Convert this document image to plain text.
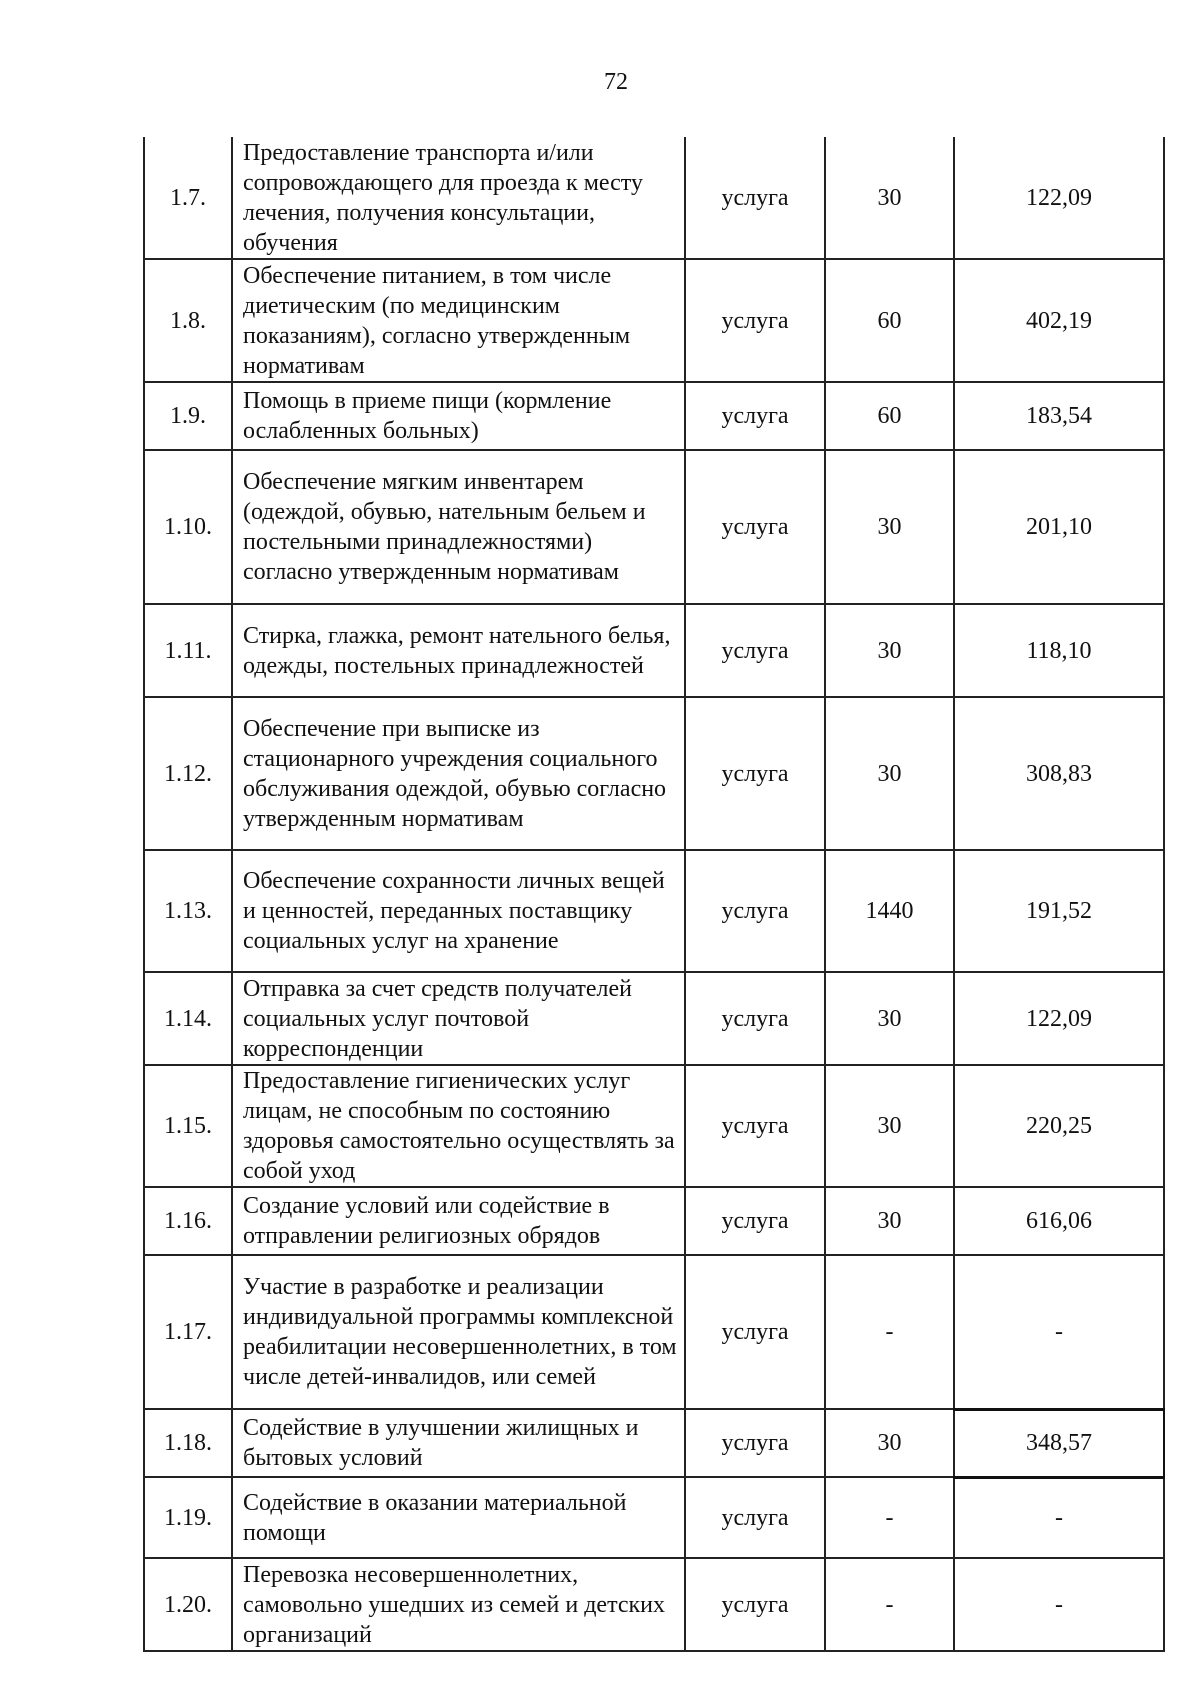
72
1.7.	Предоставление транспорта и/или сопровождающего для проезда к месту лечения, получения консультации, обучения	услуга	30	122,09
1.8.	Обеспечение питанием, в том числе диетическим (по медицинским показаниям), согласно утвержденным нормативам	услуга	60	402,19
1.9.	Помощь в приеме пищи (кормление ослабленных больных)	услуга	60	183,54
1.10.	Обеспечение мягким инвентарем (одеждой, обувью, нательным бельем и постельными принадлежностями) согласно утвержденным нормативам	услуга	30	201,10
1.11.	Стирка, глажка, ремонт нательного белья, одежды, постельных принадлежностей	услуга	30	118,10
1.12.	Обеспечение при выписке из стационарного учреждения социального обслуживания одеждой, обувью согласно утвержденным нормативам	услуга	30	308,83
1.13.	Обеспечение сохранности личных вещей и ценностей, переданных поставщику социальных услуг на хранение	услуга	1440	191,52
1.14.	Отправка за счет средств получателей социальных услуг почтовой корреспонденции	услуга	30	122,09
1.15.	Предоставление гигиенических услуг лицам, не способным по состоянию здоровья самостоятельно осуществлять за собой уход	услуга	30	220,25
1.16.	Создание условий или содействие в отправлении религиозных обрядов	услуга	30	616,06
1.17.	Участие в разработке и реализации индивидуальной программы комплексной реабилитации несовершеннолетних, в том числе детей-инвалидов, или семей	услуга	-	-
1.18.	Содействие в улучшении жилищных и бытовых условий	услуга	30	348,57
1.19.	Содействие в оказании материальной помощи	услуга	-	-
1.20.	Перевозка несовершеннолетних, самовольно ушедших из семей и детских организаций	услуга	-	-
